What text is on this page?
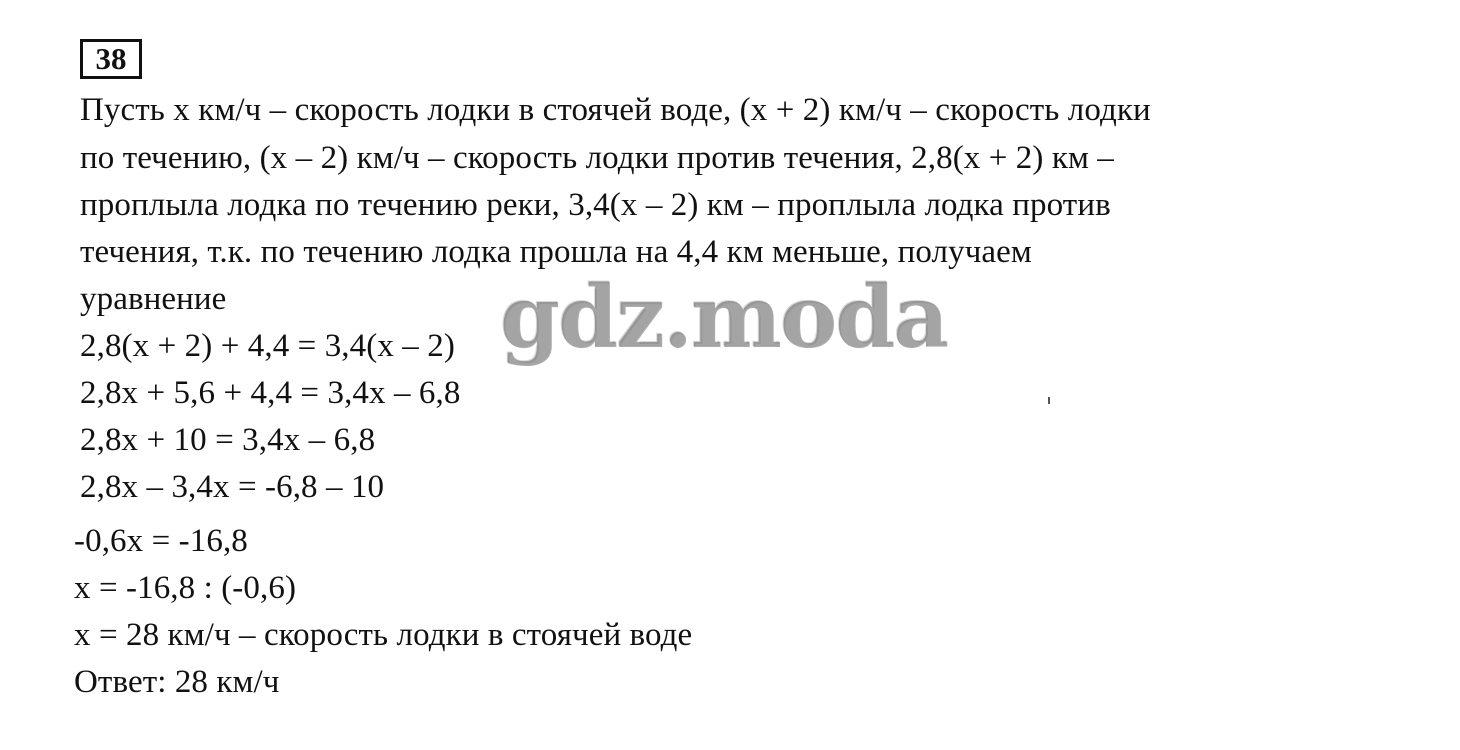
38
Пусть х км/ч – скорость лодки в стоячей воде, (х + 2) км/ч – скорость лодки
по течению, (х – 2) км/ч – скорость лодки против течения, 2,8(х + 2) км –
проплыла лодка по течению реки, 3,4(х – 2) км – проплыла лодка против
течения, т.к. по течению лодка прошла на 4,4 км меньше, получаем
уравнение
2,8(х + 2) + 4,4 = 3,4(х – 2)
2,8х + 5,6 + 4,4 = 3,4х – 6,8
2,8х + 10 = 3,4х – 6,8
2,8х – 3,4х = -6,8 – 10
-0,6х = -16,8
х = -16,8 : (-0,6)
х = 28 км/ч – скорость лодки в стоячей воде
Ответ: 28 км/ч
gdz.moda
